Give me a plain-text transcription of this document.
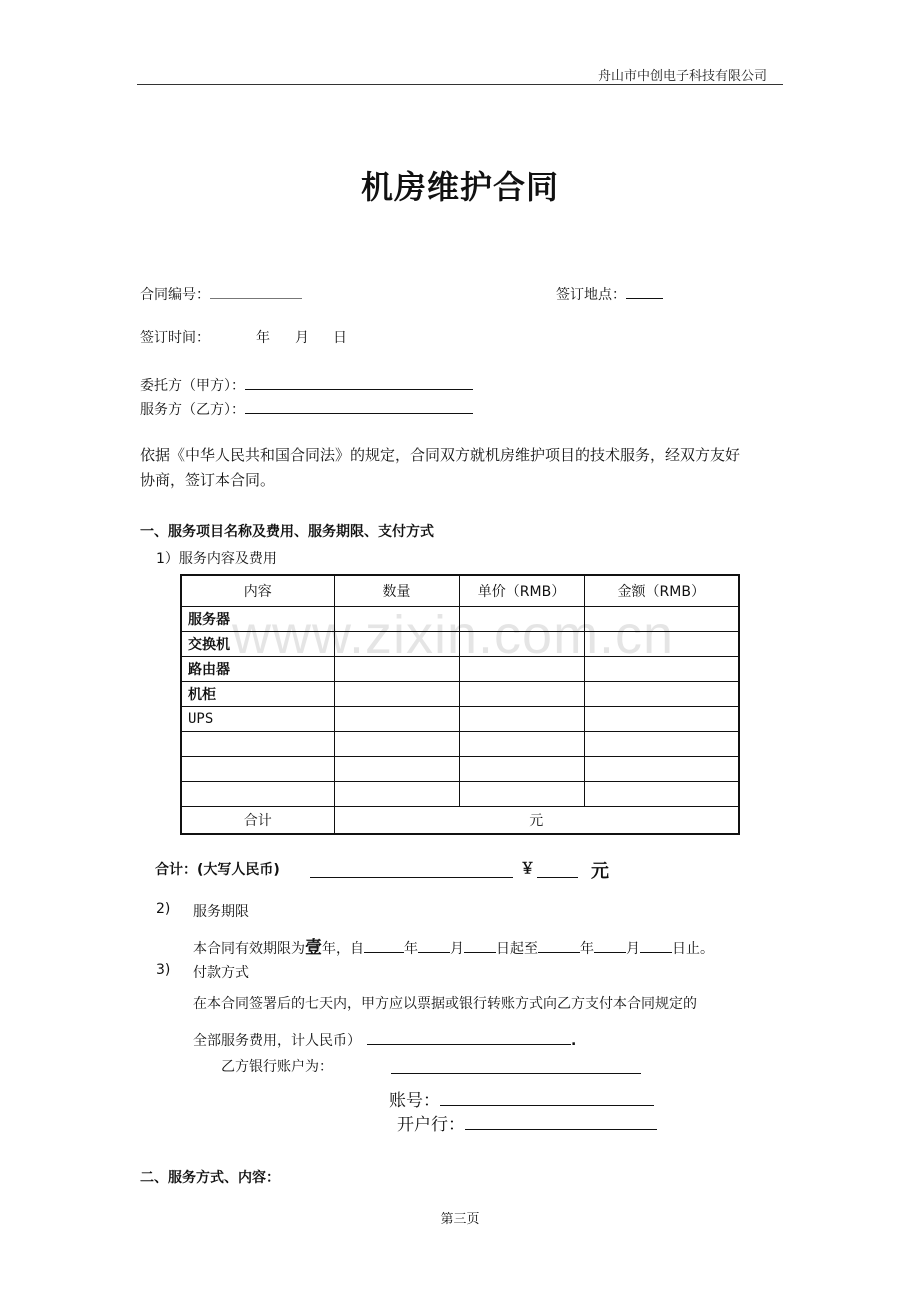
舟山市中创电子科技有限公司
机房维护合同
合同编号：	签订地点：
签订时间：	年 月 日
委托方（甲方）：
服务方（乙方）：
依据《中华人民共和国合同法》的规定，合同双方就机房维护项目的技术服务，经双方友好
协商，签订本合同。
一、服务项目名称及费用、服务期限、支付方式
1）服务内容及费用
内容	数量	单价（RMB）	金额（RMB）
服务器			
交换机			
路由器			
机柜			
UPS			

合计	元		
www.zixin.com.cn
合计：(大写人民币)	￥	元
2) 服务期限
本合同有效期限为壹年，自	年 月 日起至	年 月 日止。
3) 付款方式
在本合同签署后的七天内，甲方应以票据或银行转账方式向乙方支付本合同规定的
全部服务费用，计人民币）	.
乙方银行账户为：
账号：
开户行：
二、服务方式、内容：
第三页
